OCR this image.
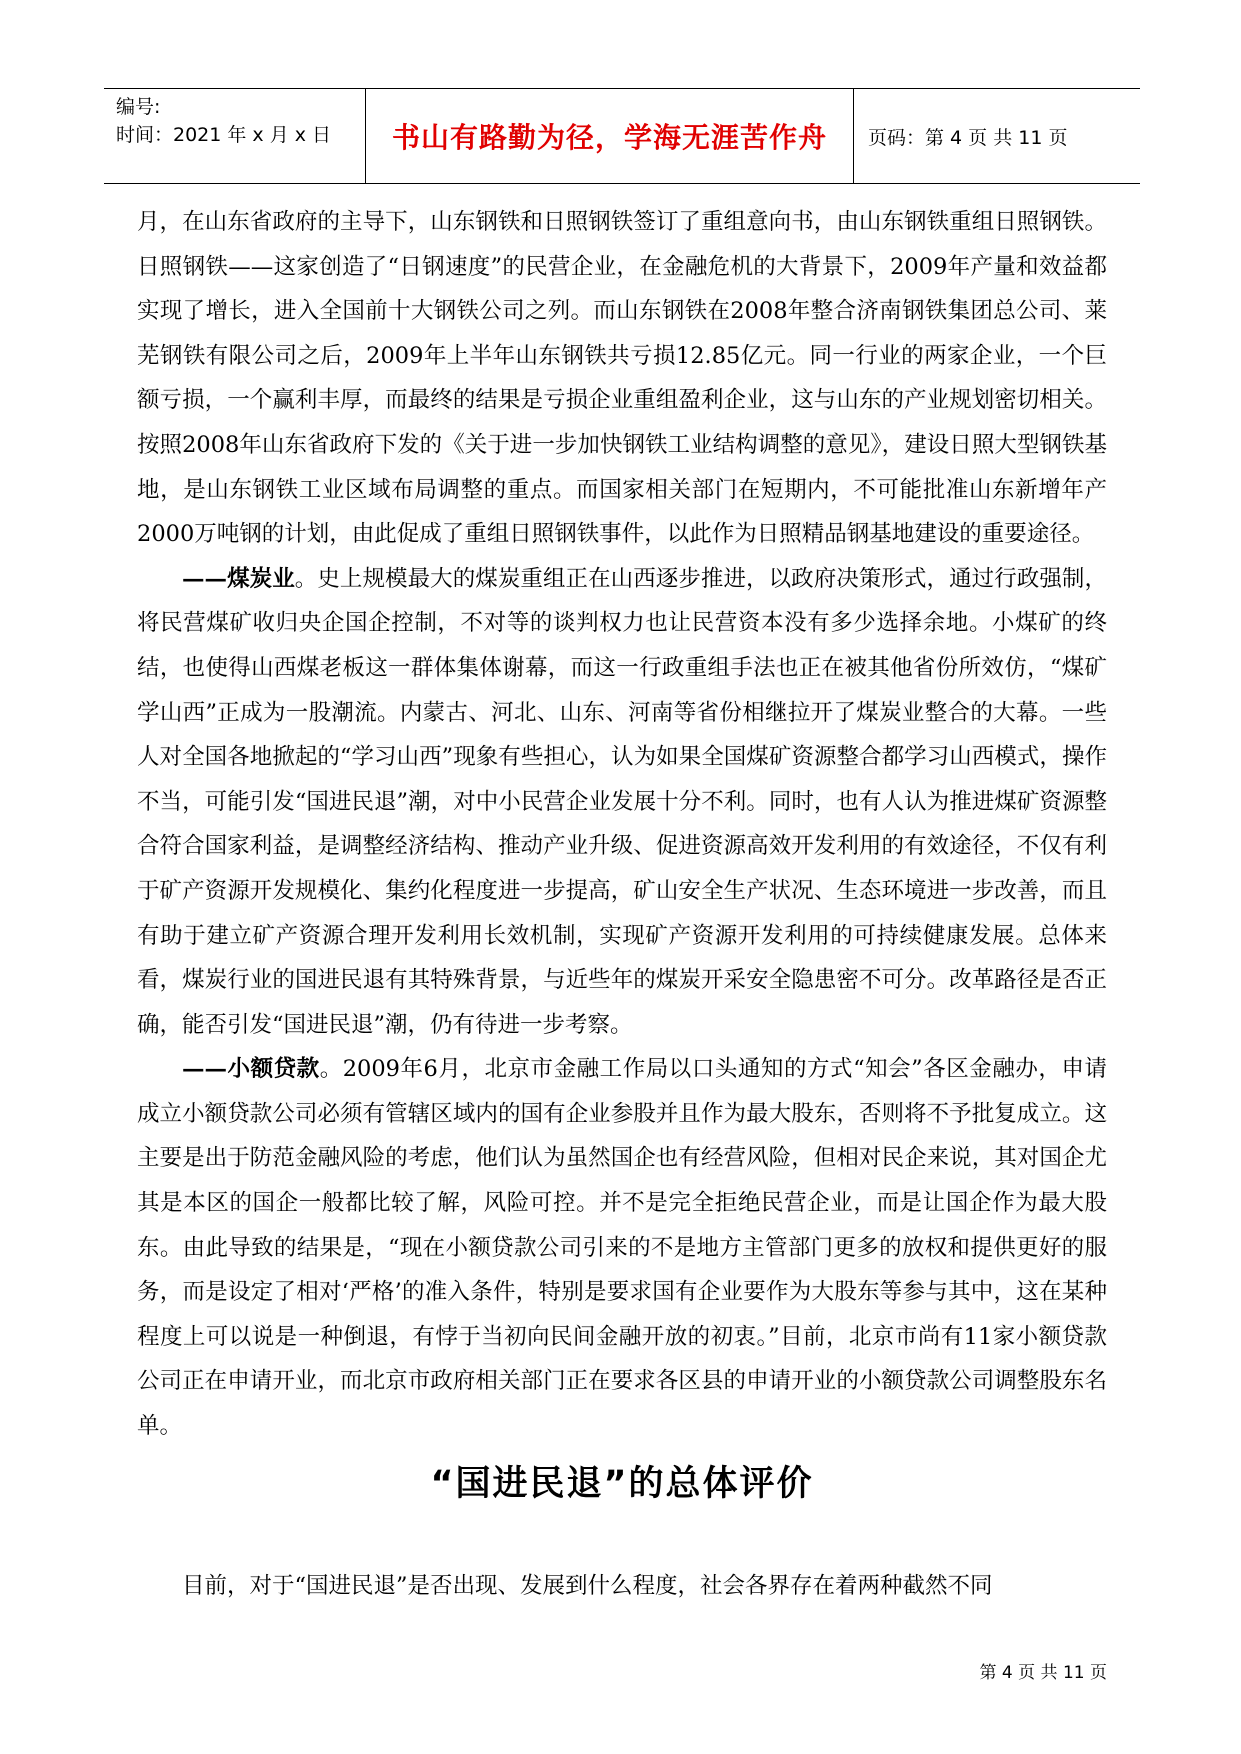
编号:
时间：2021 年 x 月 x 日	书山有路勤为径，学海无涯苦作舟 页码：第 4 页 共 11 页

月，在山东省政府的主导下，山东钢铁和日照钢铁签订了重组意向书，由山东钢铁重组日照钢铁。日照钢铁——这家创造了“日钢速度”的民营企业，在金融危机的大背景下，2009年产量和效益都实现了增长，进入全国前十大钢铁公司之列。而山东钢铁在2008年整合济南钢铁集团总公司、莱芜钢铁有限公司之后，2009年上半年山东钢铁共亏损12.85亿元。同一行业的两家企业，一个巨额亏损，一个赢利丰厚，而最终的结果是亏损企业重组盈利企业，这与山东的产业规划密切相关。按照2008年山东省政府下发的《关于进一步加快钢铁工业结构调整的意见》，建设日照大型钢铁基地，是山东钢铁工业区域布局调整的重点。而国家相关部门在短期内，不可能批准山东新增年产2000万吨钢的计划，由此促成了重组日照钢铁事件，以此作为日照精品钢基地建设的重要途径。

——煤炭业。史上规模最大的煤炭重组正在山西逐步推进，以政府决策形式，通过行政强制，将民营煤矿收归央企国企控制，不对等的谈判权力也让民营资本没有多少选择余地。小煤矿的终结，也使得山西煤老板这一群体集体谢幕，而这一行政重组手法也正在被其他省份所效仿，“煤矿学山西”正成为一股潮流。内蒙古、河北、山东、河南等省份相继拉开了煤炭业整合的大幕。一些人对全国各地掀起的“学习山西”现象有些担心，认为如果全国煤矿资源整合都学习山西模式，操作不当，可能引发“国进民退”潮，对中小民营企业发展十分不利。同时，也有人认为推进煤矿资源整合符合国家利益，是调整经济结构、推动产业升级、促进资源高效开发利用的有效途径，不仅有利于矿产资源开发规模化、集约化程度进一步提高，矿山安全生产状况、生态环境进一步改善，而且有助于建立矿产资源合理开发利用长效机制，实现矿产资源开发利用的可持续健康发展。总体来看，煤炭行业的国进民退有其特殊背景，与近些年的煤炭开采安全隐患密不可分。改革路径是否正确，能否引发“国进民退”潮，仍有待进一步考察。

——小额贷款。2009年6月，北京市金融工作局以口头通知的方式“知会”各区金融办，申请成立小额贷款公司必须有管辖区域内的国有企业参股并且作为最大股东，否则将不予批复成立。这主要是出于防范金融风险的考虑，他们认为虽然国企也有经营风险，但相对民企来说，其对国企尤其是本区的国企一般都比较了解，风险可控。并不是完全拒绝民营企业，而是让国企作为最大股东。由此导致的结果是，“现在小额贷款公司引来的不是地方主管部门更多的放权和提供更好的服务，而是设定了相对‘严格’的准入条件，特别是要求国有企业要作为大股东等参与其中，这在某种程度上可以说是一种倒退，有悖于当初向民间金融开放的初衷。”目前，北京市尚有11家小额贷款公司正在申请开业，而北京市政府相关部门正在要求各区县的申请开业的小额贷款公司调整股东名单。

“国进民退”的总体评价

目前，对于“国进民退”是否出现、发展到什么程度，社会各界存在着两种截然不同

第 4 页 共 11 页
